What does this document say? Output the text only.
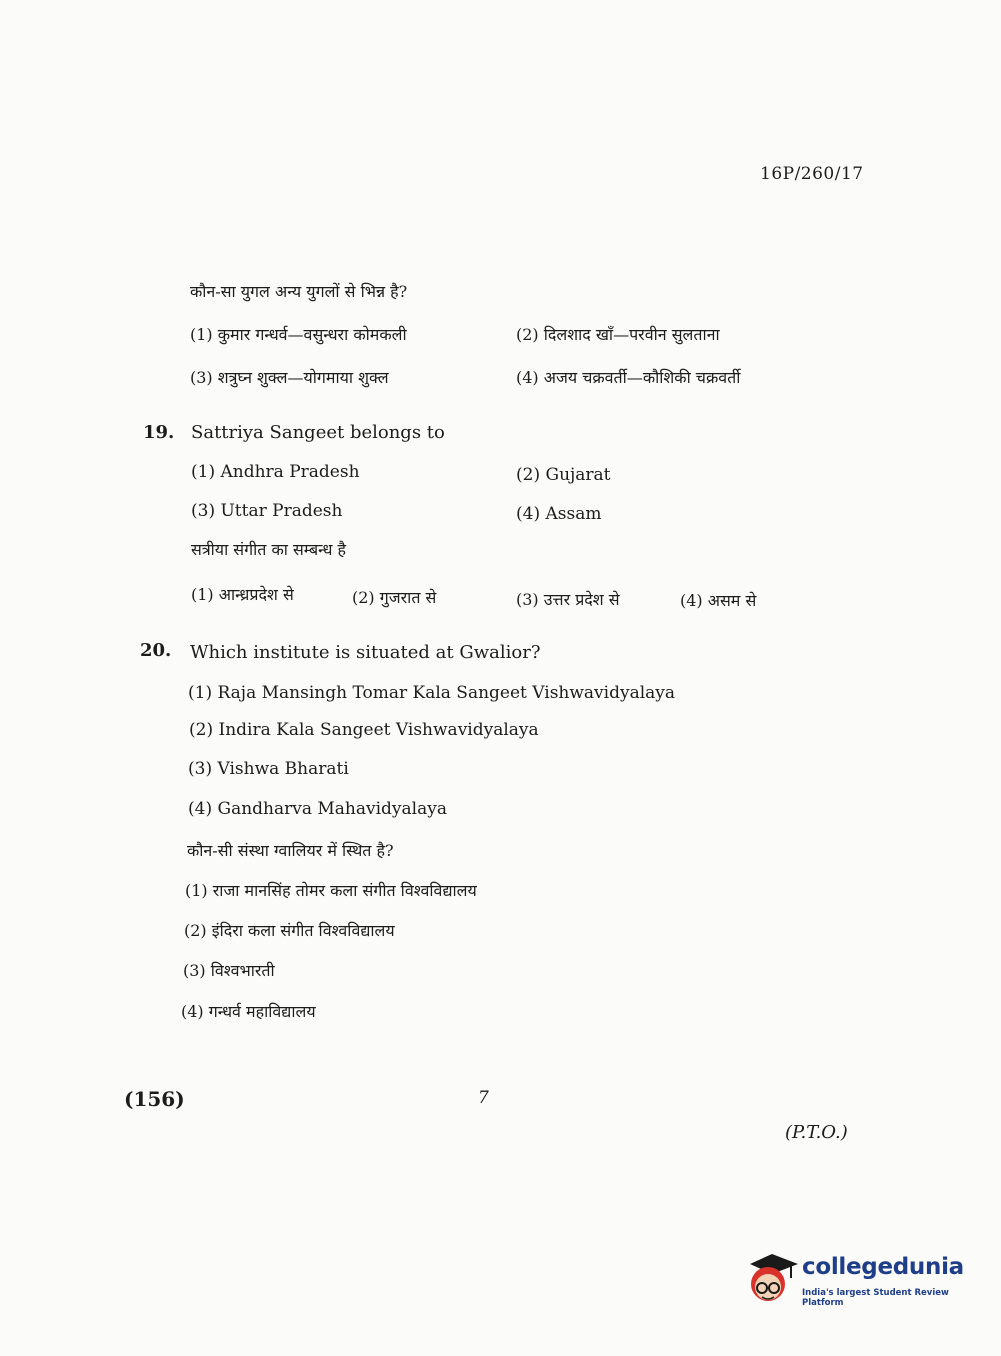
16P/260/17
कौन-सा युगल अन्य युगलों से भिन्न है?
(1) कुमार गन्धर्व—वसुन्धरा कोमकली	(2) दिलशाद खाँ—परवीन सुलताना
(3) शत्रुघ्न शुक्ल—योगमाया शुक्ल	(4) अजय चक्रवर्ती—कौशिकी चक्रवर्ती
19. Sattriya Sangeet belongs to
(1) Andhra Pradesh	(2) Gujarat
(3) Uttar Pradesh	(4) Assam
सत्रीया संगीत का सम्बन्ध है
(1) आन्ध्रप्रदेश से	(2) गुजरात से	(3) उत्तर प्रदेश से	(4) असम से
20. Which institute is situated at Gwalior?
(1) Raja Mansingh Tomar Kala Sangeet Vishwavidyalaya
(2) Indira Kala Sangeet Vishwavidyalaya
(3) Vishwa Bharati
(4) Gandharva Mahavidyalaya
कौन-सी संस्था ग्वालियर में स्थित है?
(1) राजा मानसिंह तोमर कला संगीत विश्वविद्यालय
(2) इंदिरा कला संगीत विश्वविद्यालय
(3) विश्वभारती
(4) गन्धर्व महाविद्यालय
(156)	7
(P.T.O.)
collegedunia
India's largest Student Review Platform
